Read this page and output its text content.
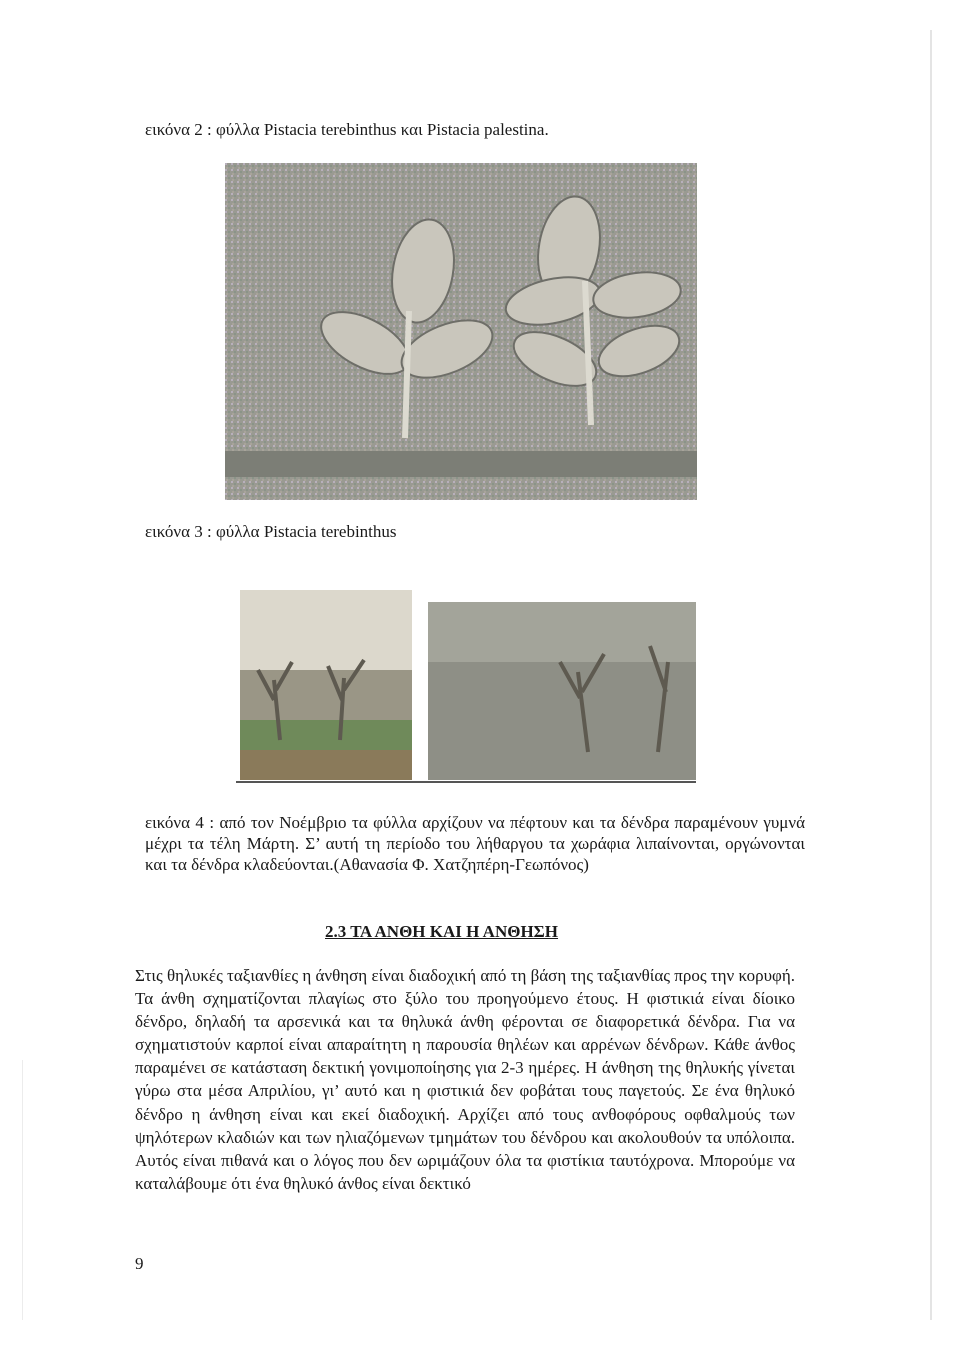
εικόνα 2 : φύλλα Pistacia terebinthus και Pistacia palestina.
εικόνα 3 : φύλλα Pistacia terebinthus

εικόνα 4 : από τον Νοέμβριο τα φύλλα αρχίζουν να πέφτουν και τα δένδρα παραμένουν γυμνά μέχρι τα τέλη Μάρτη. Σ’ αυτή τη περίοδο του λήθαργου τα χωράφια λιπαίνονται, οργώνονται και τα δένδρα κλαδεύονται.(Αθανασία Φ. Χατζηπέρη-Γεωπόνος)

2.3 ΤΑ ΑΝΘΗ ΚΑΙ Η ΑΝΘΗΣΗ

Στις θηλυκές ταξιανθίες η άνθηση είναι διαδοχική από τη βάση της ταξιανθίας προς την κορυφή. Τα άνθη σχηματίζονται πλαγίως στο ξύλο του προηγούμενο έτους. Η φιστικιά είναι δίοικο δένδρο, δηλαδή τα αρσενικά και τα θηλυκά άνθη φέρονται σε διαφορετικά δένδρα. Για να σχηματιστούν καρποί είναι απαραίτητη η παρουσία θηλέων και αρρένων δένδρων. Κάθε άνθος παραμένει σε κατάσταση δεκτική γονιμοποίησης για 2-3 ημέρες. Η άνθηση της θηλυκής γίνεται γύρω στα μέσα Απριλίου, γι’ αυτό και η φιστικιά δεν φοβάται τους παγετούς. Σε ένα θηλυκό δένδρο η άνθηση είναι και εκεί διαδοχική. Αρχίζει από τους ανθοφόρους οφθαλμούς των ψηλότερων κλαδιών και των ηλιαζόμενων τμημάτων του δένδρου και ακολουθούν τα υπόλοιπα. Αυτός είναι πιθανά και ο λόγος που δεν ωριμάζουν όλα τα φιστίκια ταυτόχρονα. Μπορούμε να καταλάβουμε ότι ένα θηλυκό άνθος είναι δεκτικό

9
